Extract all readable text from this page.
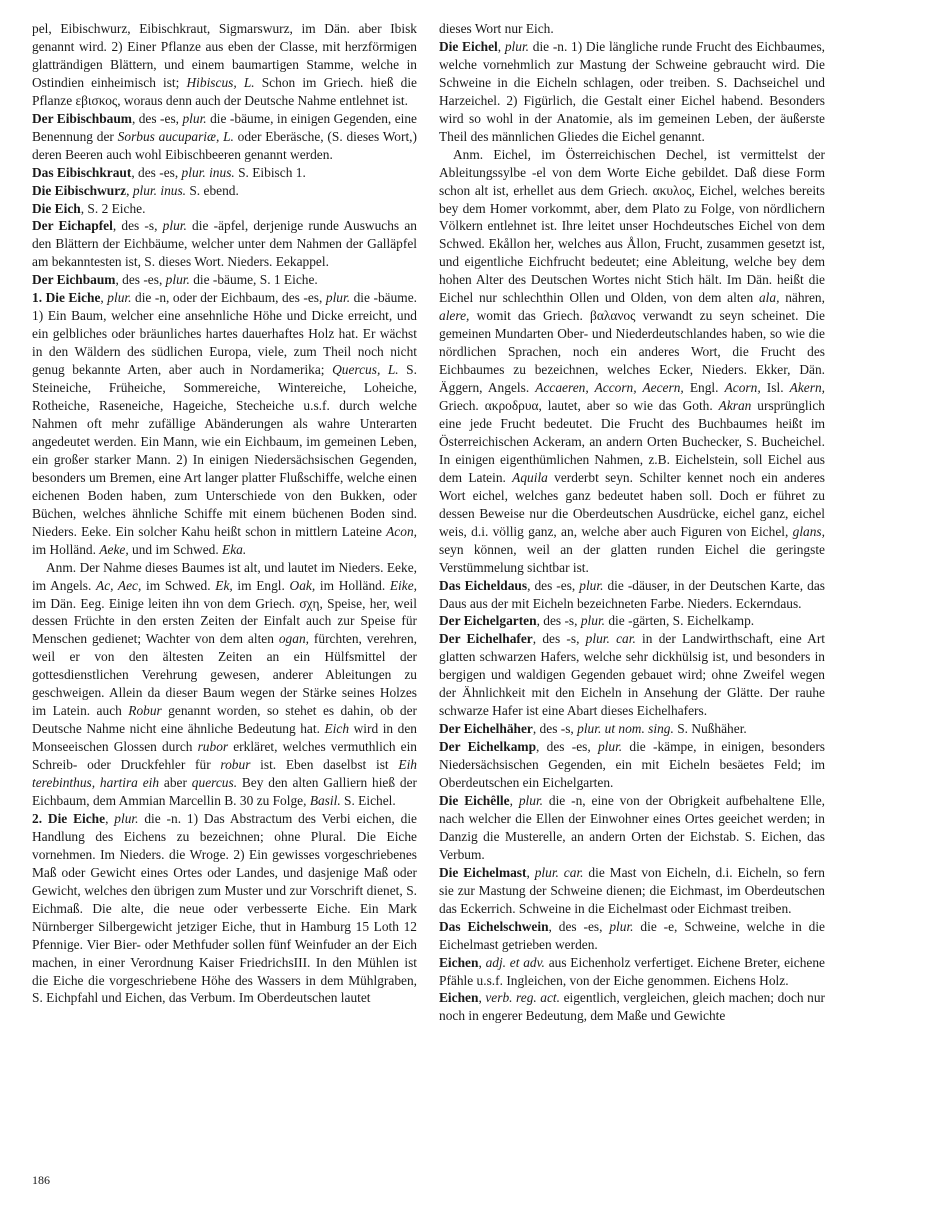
pel, Eibischwurz, Eibischkraut, Sigmarswurz, im Dän. aber Ibisk genannt wird. 2) Einer Pflanze aus eben der Classe, mit herzförmigen glatträndigen Blättern, und einem baumartigen Stamme, welche in Ostindien einheimisch ist; Hibiscus, L. Schon im Griech. hieß die Pflanze εβισκος, woraus denn auch der Deutsche Nahme entlehnet ist.

Der Eibischbaum, des -es, plur. die -bäume, in einigen Gegenden, eine Benennung der Sorbus aucupariæ, L. oder Eberäsche, (S. dieses Wort,) deren Beeren auch wohl Eibischbeeren genannt werden.

Das Eibischkraut, des -es, plur. inus. S. Eibisch 1.

Die Eibischwurz, plur. inus. S. ebend.

Die Eich, S. 2 Eiche.

Der Eichapfel, des -s, plur. die -äpfel, derjenige runde Auswuchs an den Blättern der Eichbäume, welcher unter dem Nahmen der Galläpfel am bekanntesten ist, S. dieses Wort. Nieders. Eekappel.

Der Eichbaum, des -es, plur. die -bäume, S. 1 Eiche.

1. Die Eiche, plur. die -n, oder der Eichbaum, des -es, plur. die -bäume. 1) Ein Baum, welcher eine ansehnliche Höhe und Dicke erreicht, und ein gelbliches oder bräunliches hartes dauerhaftes Holz hat. Er wächst in den Wäldern des südlichen Europa, viele, zum Theil noch nicht genug bekannte Arten, aber auch in Nordamerika; Quercus, L. S. Steineiche, Früheiche, Sommereiche, Wintereiche, Loheiche, Rotheiche, Raseneiche, Hageiche, Stecheiche u.s.f. durch welche Nahmen oft mehr zufällige Abänderungen als wahre Unterarten angedeutet werden. Ein Mann, wie ein Eichbaum, im gemeinen Leben, ein großer starker Mann. 2) In einigen Niedersächsischen Gegenden, besonders um Bremen, eine Art langer platter Flußschiffe, welche einen eichenen Boden haben, zum Unterschiede von den Bukken, oder Büchen, welches ähnliche Schiffe mit einem büchenen Boden sind. Nieders. Eeke. Ein solcher Kahu heißt schon in mittlern Lateine Acon, im Holländ. Aeke, und im Schwed. Eka.

Anm. Der Nahme dieses Baumes ist alt, und lautet im Nieders. Eeke, im Angels. Ac, Aec, im Schwed. Ek, im Engl. Oak, im Holländ. Eike, im Dän. Eeg. Einige leiten ihn von dem Griech. σχη, Speise, her, weil dessen Früchte in den ersten Zeiten der Einfalt auch zur Speise für Menschen gedienet; Wachter von dem alten ogan, fürchten, verehren, weil er von den ältesten Zeiten an ein Hülfsmittel der gottesdienstlichen Verehrung gewesen, anderer Ableitungen zu geschweigen. Allein da dieser Baum wegen der Stärke seines Holzes im Latein. auch Robur genannt worden, so stehet es dahin, ob der Deutsche Nahme nicht eine ähnliche Bedeutung hat. Eich wird in den Monseeischen Glossen durch rubor erkläret, welches vermuthlich ein Schreib- oder Druckfehler für robur ist. Eben daselbst ist Eih terebinthus, hartira eih aber quercus. Bey den alten Galliern hieß der Eichbaum, dem Ammian Marcellin B. 30 zu Folge, Basil. S. Eichel.

2. Die Eiche, plur. die -n. 1) Das Abstractum des Verbi eichen, die Handlung des Eichens zu bezeichnen; ohne Plural. Die Eiche vornehmen. Im Nieders. die Wroge. 2) Ein gewisses vorgeschriebenes Maß oder Gewicht eines Ortes oder Landes, und dasjenige Maß oder Gewicht, welches den übrigen zum Muster und zur Vorschrift dienet, S. Eichmaß. Die alte, die neue oder verbesserte Eiche. Ein Mark Nürnberger Silbergewicht jetziger Eiche, thut in Hamburg 15 Loth 12 Pfennige. Vier Bier- oder Methfuder sollen fünf Weinfuder an der Eich machen, in einer Verordnung Kaiser FriedrichsIII. In den Mühlen ist die Eiche die vorgeschriebene Höhe des Wassers in dem Mühlgraben, S. Eichpfahl und Eichen, das Verbum. Im Oberdeutschen lautet

dieses Wort nur Eich.

Die Eichel, plur. die -n. 1) Die längliche runde Frucht des Eichbaumes, welche vornehmlich zur Mastung der Schweine gebraucht wird. Die Schweine in die Eicheln schlagen, oder treiben. S. Dachseichel und Harzeichel. 2) Figürlich, die Gestalt einer Eichel habend. Besonders wird so wohl in der Anatomie, als im gemeinen Leben, der äußerste Theil des männlichen Gliedes die Eichel genannt.

Anm. Eichel, im Österreichischen Dechel, ist vermittelst der Ableitungssylbe -el von dem Worte Eiche gebildet. Daß diese Form schon alt ist, erhellet aus dem Griech. ακυλος, Eichel, welches bereits bey dem Homer vorkommt, aber, dem Plato zu Folge, von nördlichern Völkern entlehnet ist. Ihre leitet unser Hochdeutsches Eichel von dem Schwed. Ekållon her, welches aus Ållon, Frucht, zusammen gesetzt ist, und eigentliche Eichfrucht bedeutet; eine Ableitung, welche bey dem hohen Alter des Deutschen Wortes nicht Stich hält. Im Dän. heißt die Eichel nur schlechthin Ollen und Olden, von dem alten ala, nähren, alere, womit das Griech. βαλανος verwandt zu seyn scheinet. Die gemeinen Mundarten Ober- und Niederdeutschlandes haben, so wie die nördlichen Sprachen, noch ein anderes Wort, die Frucht des Eichbaumes zu bezeichnen, welches Ecker, Nieders. Ekker, Dän. Äggern, Angels. Accaeren, Accorn, Aecern, Engl. Acorn, Isl. Akern, Griech. ακροδρυα, lautet, aber so wie das Goth. Akran ursprünglich eine jede Frucht bedeutet. Die Frucht des Buchbaumes heißt im Österreichischen Ackeram, an andern Orten Buchecker, S. Bucheichel. In einigen eigenthümlichen Nahmen, z.B. Eichelstein, soll Eichel aus dem Latein. Aquila verderbt seyn. Schilter kennet noch ein anderes Wort eichel, welches ganz bedeutet haben soll. Doch er führet zu dessen Beweise nur die Oberdeutschen Ausdrücke, eichel ganz, eichel weis, d.i. völlig ganz, an, welche aber auch Figuren von Eichel, glans, seyn können, weil an der glatten runden Eichel die geringste Verstümmelung sichtbar ist.

Das Eicheldaus, des -es, plur. die -däuser, in der Deutschen Karte, das Daus aus der mit Eicheln bezeichneten Farbe. Nieders. Eckerndaus.

Der Eichelgarten, des -s, plur. die -gärten, S. Eichelkamp.

Der Eichelhafer, des -s, plur. car. in der Landwirthschaft, eine Art glatten schwarzen Hafers, welche sehr dickhülsig ist, und besonders in bergigen und waldigen Gegenden gebauet wird; ohne Zweifel wegen der Ähnlichkeit mit den Eicheln in Ansehung der Glätte. Der rauhe schwarze Hafer ist eine Abart dieses Eichelhafers.

Der Eichelhäher, des -s, plur. ut nom. sing. S. Nußhäher.

Der Eichelkamp, des -es, plur. die -kämpe, in einigen, besonders Niedersächsischen Gegenden, ein mit Eicheln besäetes Feld; im Oberdeutschen ein Eichelgarten.

Die Eichêlle, plur. die -n, eine von der Obrigkeit aufbehaltene Elle, nach welcher die Ellen der Einwohner eines Ortes geeichet werden; in Danzig die Musterelle, an andern Orten der Eichstab. S. Eichen, das Verbum.

Die Eichelmast, plur. car. die Mast von Eicheln, d.i. Eicheln, so fern sie zur Mastung der Schweine dienen; die Eichmast, im Oberdeutschen das Eckerrich. Schweine in die Eichelmast oder Eichmast treiben.

Das Eichelschwein, des -es, plur. die -e, Schweine, welche in die Eichelmast getrieben werden.

Eichen, adj. et adv. aus Eichenholz verfertiget. Eichene Breter, eichene Pfähle u.s.f. Ingleichen, von der Eiche genommen. Eichens Holz.

Eichen, verb. reg. act. eigentlich, vergleichen, gleich machen; doch nur noch in engerer Bedeutung, dem Maße und Gewichte

186
